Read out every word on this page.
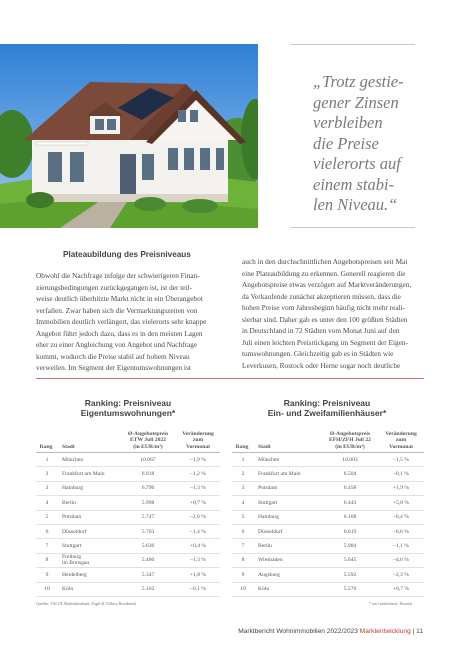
„Trotz gestie-
gener Zinsen
verbleiben
die Preise
vielerorts auf
einem stabi-
len Niveau.“
Plateaubildung des Preisniveaus
Obwohl die Nachfrage infolge der schwierigeren Finan-
zierungsbedingungen zurückgegangen ist, ist der teil-
weise deutlich überhitzte Markt nicht in ein Überangebot
verfallen. Zwar haben sich die Vermarktungszeiten von
Immobilien deutlich verlängert, das vielerorts sehr knappe
Angebot führt jedoch dazu, dass es in den meisten Lagen
eher zu einer Angleichung von Angebot und Nachfrage
kommt, wodurch die Preise stabil auf hohem Niveau
verweilen. Im Segment der Eigentumswohnungen ist
auch in den durchschnittlichen Angebotspreisen seit Mai
eine Plateaubildung zu erkennen. Generell reagieren die
Angebotspreise etwas verzögert auf Marktveränderungen,
da Verkaufende zunächst akzeptieren müssen, dass die
hohen Preise vom Jahresbeginn häufig nicht mehr reali-
sierbar sind. Daher gab es unter den 100 größten Städten
in Deutschland in 72 Städten vom Monat Juni auf den
Juli einen leichten Preisrückgang im Segment der Eigen-
tumswohnungen. Gleichzeitig gab es in Städten wie
Leverkusen, Rostock oder Herne sogar noch deutliche
Ranking: Preisniveau
Eigentumswohnungen*
Rang Stadt
Ø-Angebotspreis
ETW Juli 2022
(in EUR/m²)
Veränderung
zum
Vormonat
1	München	10.067	–1,9 %
2	Frankfurt am Main	6.918	–1,2 %
3	Hamburg	6.796	–1,3 %
4	Berlin	5.998	+0,7 %
5	Potsdam	5.747	–2,6 %
6	Düsseldorf	5.703	–1,4 %
7	Stuttgart	5.636	+0,4 %
8	Freiburg
im Breisgau	5.460	–1,3 %
9	Heidelberg	5.347	+1,8 %
10	Köln	5.162	–0,1 %
Ranking: Preisniveau
Ein- und Zweifamilienhäuser*
Rang Stadt
Ø-Angebotspreis
EFH/ZFH Juli 22
(in EUR/m²)
Veränderung
zum
Vormonat
1	München	10.003	–1,5 %
2	Frankfurt am Main	6.504	–0,1 %
3	Potsdam	6.458	+1,9 %
4	Stuttgart	6.443	+5,8 %
5	Hamburg	6.168	–0,4 %
6	Düsseldorf	6.019	–0,6 %
7	Berlin	5.984	–1,1 %
8	Wiesbaden	5.645	–4,6 %
9	Augsburg	5.592	–2,3 %
10	Köln	5.570	+0,7 %
Quellen: VALUE Marktdatenbank, Engel & Völkers Residential	* aus Größenlaufe, Bestand
Marktbericht Wohnimmobilien 2022/2023 Marktentwicklung | 11
